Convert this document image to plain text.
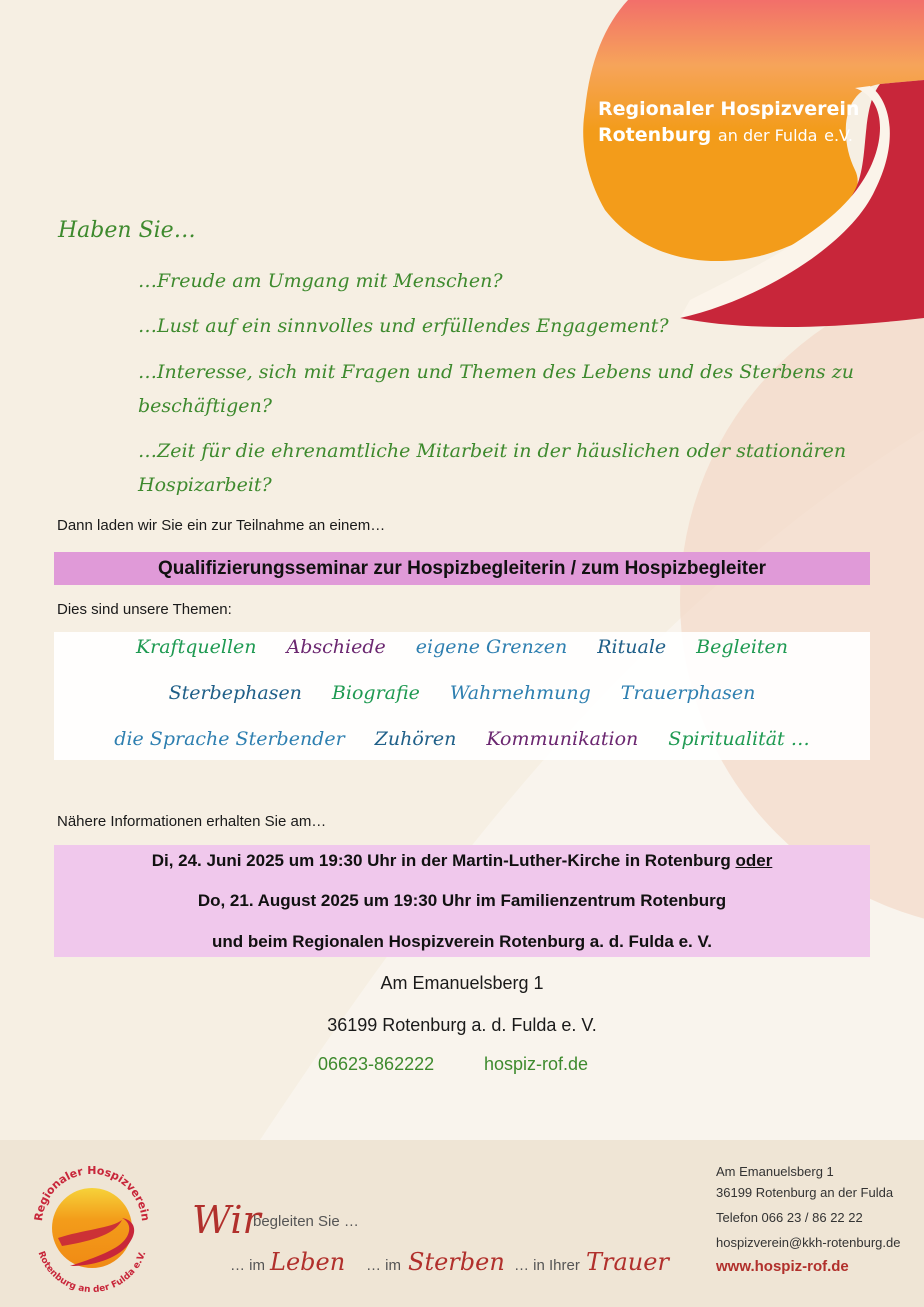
Regionaler Hospizverein
Rotenburg an der Fulda e.V.
Haben Sie…
…Freude am Umgang mit Menschen?
…Lust auf ein sinnvolles und erfüllendes Engagement?
…Interesse, sich mit Fragen und Themen des Lebens und des Sterbens zu beschäftigen?
…Zeit für die ehrenamtliche Mitarbeit in der häuslichen oder stationären Hospizarbeit?
Dann laden wir Sie ein zur Teilnahme an einem…
Qualifizierungsseminar zur Hospizbegleiterin / zum Hospizbegleiter
Dies sind unsere Themen:
Kraftquellen Abschiede eigene Grenzen Rituale Begleiten
Sterbephasen Biografie Wahrnehmung Trauerphasen
die Sprache Sterbender Zuhören Kommunikation Spiritualität …
Nähere Informationen erhalten Sie am…
Di, 24. Juni 2025 um 19:30 Uhr in der Martin-Luther-Kirche in Rotenburg oder
Do, 21. August 2025 um 19:30 Uhr im Familienzentrum Rotenburg
und beim Regionalen Hospizverein Rotenburg a. d. Fulda e. V.
Am Emanuelsberg 1
36199 Rotenburg a. d. Fulda e. V.
06623-862222	hospiz-rof.de
Regionaler Hospizverein
Rotenburg an der Fulda e.V.
Wir
begleiten Sie …
… im Leben … im Sterben … in Ihrer Trauer
Am Emanuelsberg 1
36199 Rotenburg an der Fulda
Telefon 066 23 / 86 22 22
hospizverein@kkh-rotenburg.de
www.hospiz-rof.de
